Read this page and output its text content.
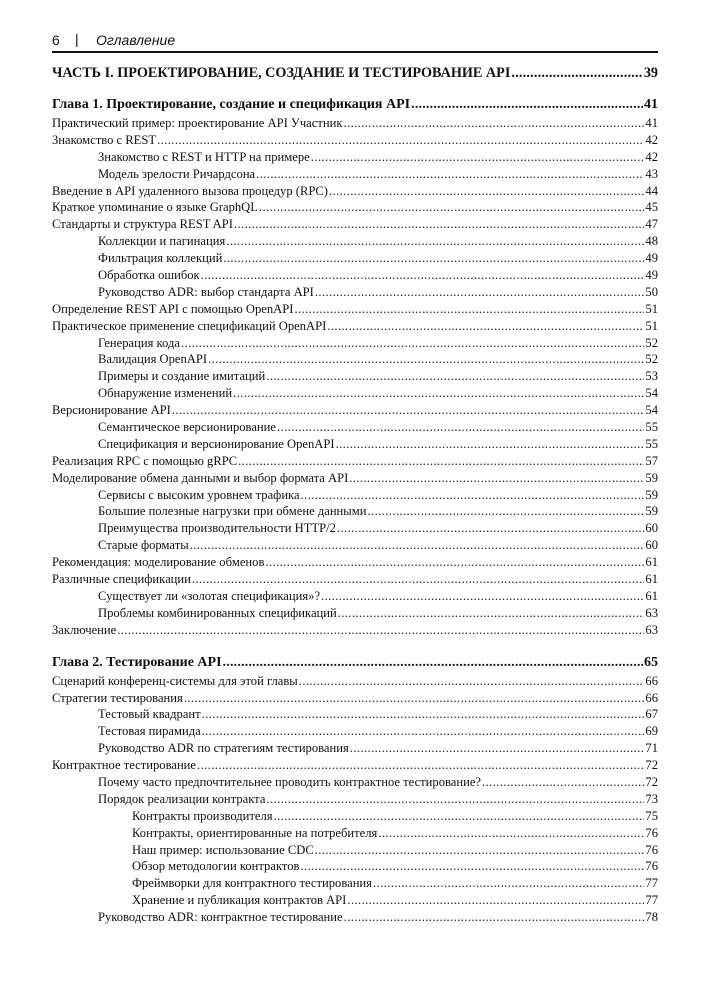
6 | Оглавление
ЧАСТЬ I. ПРОЕКТИРОВАНИЕ, СОЗДАНИЕ И ТЕСТИРОВАНИЕ API .....	39
Глава 1. Проектирование, создание и спецификация API .....	41
Практический пример: проектирование API Участник .....	41
Знакомство с REST .....	42
Знакомство с REST и HTTP на примере .....	42
Модель зрелости Ричардсона .....	43
Введение в API удаленного вызова процедур (RPC) .....	44
Краткое упоминание о языке GraphQL .....	45
Стандарты и структура REST API .....	47
Коллекции и пагинация .....	48
Фильтрация коллекций .....	49
Обработка ошибок .....	49
Руководство ADR: выбор стандарта API .....	50
Определение REST API с помощью OpenAPI .....	51
Практическое применение спецификаций OpenAPI .....	51
Генерация кода .....	52
Валидация OpenAPI .....	52
Примеры и создание имитаций .....	53
Обнаружение изменений .....	54
Версионирование API .....	54
Семантическое версионирование .....	55
Спецификация и версионирование OpenAPI .....	55
Реализация RPC с помощью gRPC .....	57
Моделирование обмена данными и выбор формата API .....	59
Сервисы с высоким уровнем трафика .....	59
Большие полезные нагрузки при обмене данными .....	59
Преимущества производительности HTTP/2 .....	60
Старые форматы .....	60
Рекомендация: моделирование обменов .....	61
Различные спецификации .....	61
Существует ли «золотая спецификация»? .....	61
Проблемы комбинированных спецификаций .....	63
Заключение .....	63
Глава 2. Тестирование API .....	65
Сценарий конференц-системы для этой главы .....	66
Стратегии тестирования .....	66
Тестовый квадрант .....	67
Тестовая пирамида .....	69
Руководство ADR по стратегиям тестирования .....	71
Контрактное тестирование .....	72
Почему часто предпочтительнее проводить контрактное тестирование? .....	72
Порядок реализации контракта .....	73
Контракты производителя .....	75
Контракты, ориентированные на потребителя .....	76
Наш пример: использование CDC .....	76
Обзор методологии контрактов .....	76
Фреймворки для контрактного тестирования .....	77
Хранение и публикация контрактов API .....	77
Руководство ADR: контрактное тестирование .....	78
